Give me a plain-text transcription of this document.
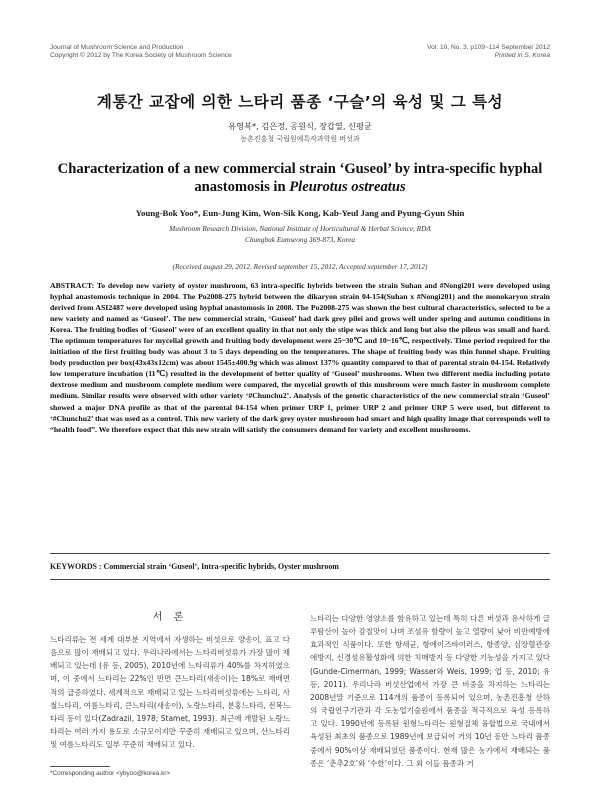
Journal of Mushroom Science and Production
Copyright © 2012 by The Korea Society of Mushroom Science
Vol. 10, No. 3, p109~114 September 2012
Printed in S. Korea
계통간 교잡에 의한 느타리 품종 ‘구슬’의 육성 및 그 특성
유영복*, 김은정, 공원식, 장갑열, 신평균
농촌진흥청 국립원예특작과학원 버섯과
Characterization of a new commercial strain ‘Guseol’ by intra-specific hyphal
anastomosis in Pleurotus ostreatus
Young-Bok Yoo*, Eun-Jung Kim, Won-Sik Kong, Kab-Yeul Jang and Pyung-Gyun Shin
Mushroom Research Division, National Institute of Horticultural & Herbal Science, RDA
Chungbuk Eumseong 369-873, Korea
(Received august 29, 2012, Revised september 15, 2012, Accepted september 17, 2012)
ABSTRACT: To develop new variety of oyster mushroom, 63 intra-specific hybrids between the strain Suhan and #Nongi201 were developed using hyphal anastomosis technique in 2004. The Po2008-275 hybrid between the dikaryon strain 04-154(Suhan x #Nongi201) and the monokaryon strain derived from ASI2487 were developed using hyphal anastomosis in 2008. The Po2008-275 was shown the best cultural characteristics, selected to be a new variety and named as ‘Guseol’. The new commercial strain, ‘Guseol’ had dark grey pilei and grows well under spring and autumn conditions in Korea. The fruiting bodies of ‘Guseol’ were of an excellent quality in that not only the stipe was thick and long but also the pileus was small and hard. The optimum temperatures for mycelial growth and fruiting body development were 25~30℃ and 10~16℃, respectively. Time period required for the initiation of the first fruiting body was about 3 to 5 days depending on the temperatures. The shape of fruiting body was thin funnel shape. Fruiting body production per box(43x43x12cm) was about 1545±400.9g which was almost 137% quantity compared to that of parental strain 04-154. Relatively low temperature incubation (11℃) resulted in the development of better quality of ‘Guseol’ mushrooms. When two different media including potato dextrose medium and mushroom complete medium were compared, the mycelial growth of this mushroom were much faster in mushroom complete medium. Similar results were observed with other variety ‘#Chunchu2’. Analysis of the genetic characteristics of the new commercial strain ‘Guseol’ showed a major DNA profile as that of the parental 04-154 when primer URP 1, primer URP 2 and primer URP 5 were used, but different to ‘#Chunchu2’ that was used as a control. This new variety of the dark grey oyster mushroom had smart and high quality image that corresponds well to “health food”. We therefore expect that this new strain will satisfy the consumers demand for variety and excellent mushrooms.
KEYWORDS : Commercial strain ‘Guseol’, Intra-specific hybrids, Oyster mushroom
서 론
느타리류는 전 세계 대부분 지역에서 자생하는 버섯으로 양송이, 표고 다음으로 많이 재배되고 있다. 우리나라에서는 느타리버섯류가 가장 많이 재배되고 있는데 (유 등, 2005), 2010년에 느타리류가 40%를 차지하였으며, 이 중에서 느타리는 22%인 반면 큰느타리(새송이)는 18%로 재배면적의 급증하였다. 세계적으로 재배되고 있는 느타리버섯류에는 느타리, 사철느타리, 여름느타리, 큰느타리(새송이), 노랑느타리, 분홍느타리, 전복느타리 등이 있다(Zadrazil, 1978; Stamet, 1993). 최근에 개발된 노랑느타리는 여러 가지 용도로 소규모이지만 꾸준히 재배되고 있으며, 산느타리 및 여름느타리도 일부 꾸준히 재배되고 있다.
느타리는 다양한 영양소를 함유하고 있는데 특히 다른 버섯과 유사하게 글루탐산이 높아 감칠맛이 나며 조섬유 함량이 높고 열량이 낮아 비만예방에 효과적인 식품이다. 또한 항세균, 항에이즈바이러스, 항종양, 심장혈관장애방지, 신경섬유활성화에 의한 치매방지 등 다양한 기능성을 가지고 있다(Gunde-Cimerman, 1999; Wasser와 Weis, 1999; 업 등, 2010; 유 등, 2011). 우리나라 버섯산업에서 가장 큰 비중을 차지하는 느타리는 2008년말 기준으로 114개의 품종이 등록되어 있으며, 농촌진흥청 산하의 국립연구기관과 각 도농업기술원에서 품종을 적극적으로 육성 등록하고 있다. 1990년에 등록된 원형느타리는 원형질체 융합법으로 국내에서 육성된 최초의 품종으로 1989년에 보급되어 거의 10년 동안 느타리 품종 중에서 90%이상 재배되었던 품종이다. 현재 많은 농가에서 재배되는 품종은 ‘춘추2호’와 ‘수한’이다. 그 외 이들 품종과 거
*Corresponding author <ybyoo@korea.kr>
